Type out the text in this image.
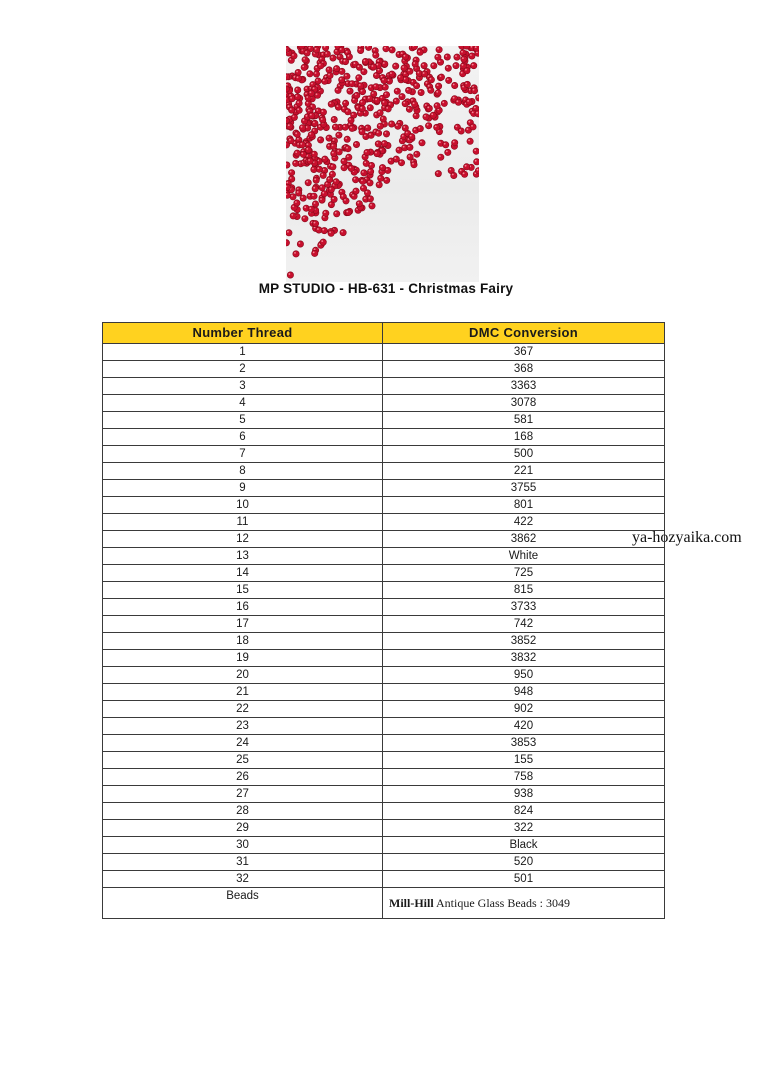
MP STUDIO - HB-631 - Christmas Fairy
ya-hozyaika.com
Number Thread	DMC Conversion
1	367
2	368
3	3363
4	3078
5	581
6	168
7	500
8	221
9	3755
10	801
11	422
12	3862
13	White
14	725
15	815
16	3733
17	742
18	3852
19	3832
20	950
21	948
22	902
23	420
24	3853
25	155
26	758
27	938
28	824
29	322
30	Black
31	520
32	501
Beads	Mill-Hill Antique Glass Beads : 3049
